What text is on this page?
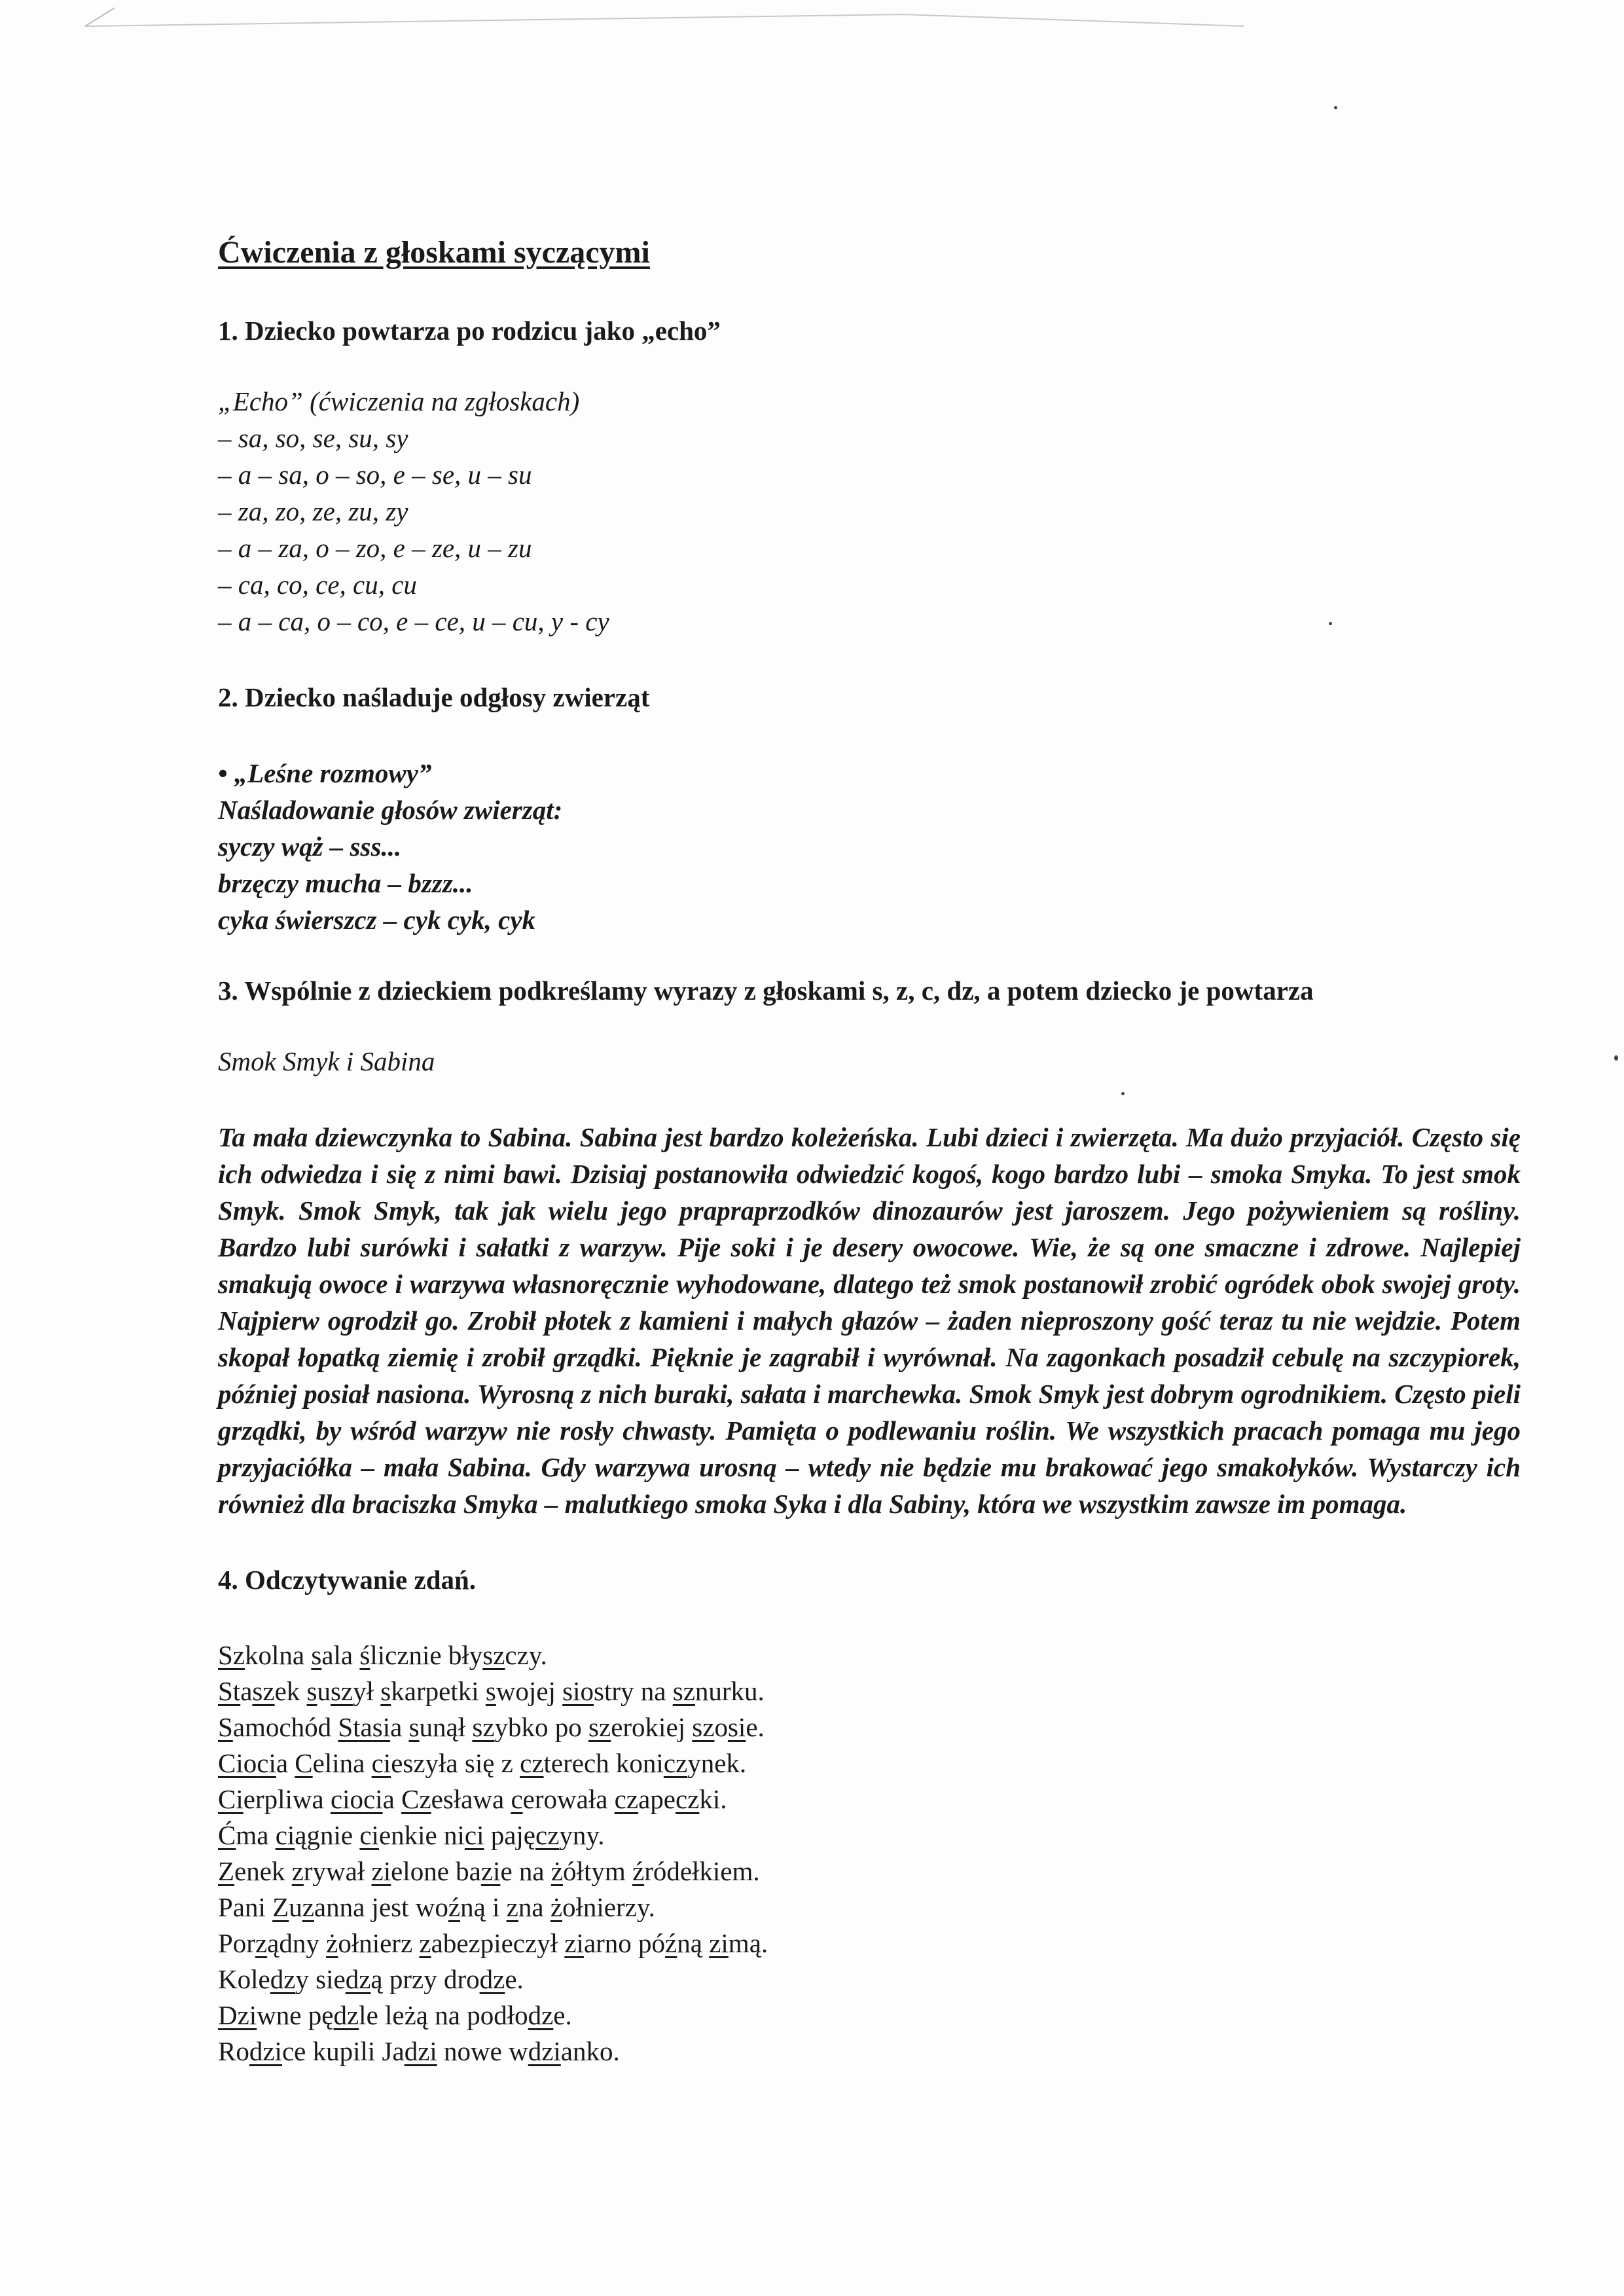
Ćwiczenia z głoskami syczącymi

1. Dziecko powtarza po rodzicu jako „echo”

„Echo” (ćwiczenia na zgłoskach)
– sa, so, se, su, sy
– a – sa, o – so, e – se, u – su
– za, zo, ze, zu, zy
– a – za, o – zo, e – ze, u – zu
– ca, co, ce, cu, cu
– a – ca, o – co, e – ce, u – cu, y - cy

2. Dziecko naśladuje odgłosy zwierząt

• „Leśne rozmowy”
Naśladowanie głosów zwierząt:
syczy wąż – sss...
brzęczy mucha – bzzz...
cyka świerszcz – cyk cyk, cyk

3. Wspólnie z dzieckiem podkreślamy wyrazy z głoskami s, z, c, dz, a potem dziecko je powtarza

Smok Smyk i Sabina

Ta mała dziewczynka to Sabina. Sabina jest bardzo koleżeńska. Lubi dzieci i zwierzęta. Ma dużo przyjaciół. Często się ich odwiedza i się z nimi bawi. Dzisiaj postanowiła odwiedzić kogoś, kogo bardzo lubi – smoka Smyka. To jest smok Smyk. Smok Smyk, tak jak wielu jego prapraprzodków dinozaurów jest jaroszem. Jego pożywieniem są rośliny. Bardzo lubi surówki i sałatki z warzyw. Pije soki i je desery owocowe. Wie, że są one smaczne i zdrowe. Najlepiej smakują owoce i warzywa własnoręcznie wyhodowane, dlatego też smok postanowił zrobić ogródek obok swojej groty. Najpierw ogrodził go. Zrobił płotek z kamieni i małych głazów – żaden nieproszony gość teraz tu nie wejdzie. Potem skopał łopatką ziemię i zrobił grządki. Pięknie je zagrabił i wyrównał. Na zagonkach posadził cebulę na szczypiorek, później posiał nasiona. Wyrosną z nich buraki, sałata i marchewka. Smok Smyk jest dobrym ogrodnikiem. Często pieli grządki, by wśród warzyw nie rosły chwasty. Pamięta o podlewaniu roślin. We wszystkich pracach pomaga mu jego przyjaciółka – mała Sabina. Gdy warzywa urosną – wtedy nie będzie mu brakować jego smakołyków. Wystarczy ich również dla braciszka Smyka – malutkiego smoka Syka i dla Sabiny, która we wszystkim zawsze im pomaga.

4. Odczytywanie zdań.

Szkolna sala ślicznie błyszczy.
Staszek suszył skarpetki swojej siostry na sznurku.
Samochód Stasia sunął szybko po szerokiej szosie.
Ciocia Celina cieszyła się z czterech koniczynek.
Cierpliwa ciocia Czesława cerowała czapeczki.
Ćma ciągnie cienkie nici pajęczyny.
Zenek zrywał zielone bazie na żółtym źródełkiem.
Pani Zuzanna jest woźną i zna żołnierzy.
Porządny żołnierz zabezpieczył ziarno późną zimą.
Koledzy siedzą przy drodze.
Dziwne pędzle leżą na podłodze.
Rodzice kupili Jadzi nowe wdzianko.
